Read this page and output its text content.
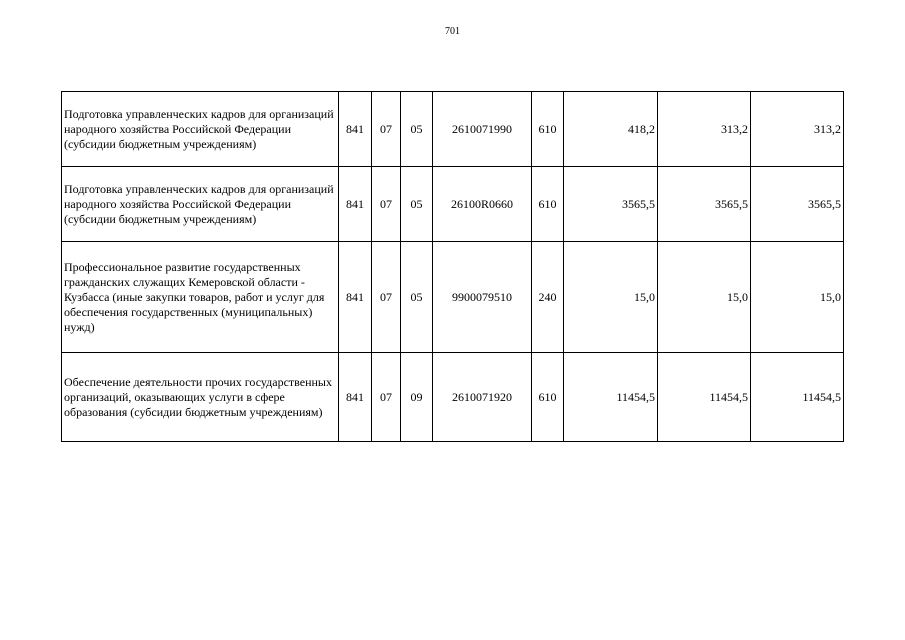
701
Подготовка управленческих кадров для организаций народного хозяйства Российской Федерации (субсидии бюджетным учреждениям)	841	07	05	2610071990	610	418,2	313,2	313,2
Подготовка управленческих кадров для организаций народного хозяйства Российской Федерации (субсидии бюджетным учреждениям)	841	07	05	26100R0660	610	3565,5	3565,5	3565,5
Профессиональное развитие государственных гражданских служащих Кемеровской области - Кузбасса (иные закупки товаров, работ и услуг для обеспечения государственных (муниципальных) нужд)	841	07	05	9900079510	240	15,0	15,0	15,0
Обеспечение деятельности прочих государственных организаций, оказывающих услуги в сфере образования (субсидии бюджетным учреждениям)	841	07	09	2610071920	610	11454,5	11454,5	11454,5
